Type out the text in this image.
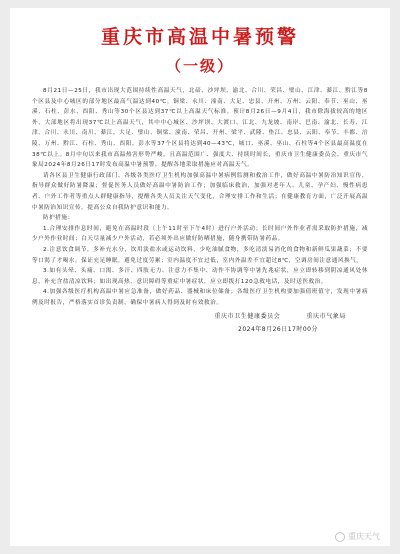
重庆市高温中暑预警
（一级）

8月21日—25日，我市出现大范围持续性高温天气，北碚、沙坪坝、渝北、合川、荣昌、璧山、江津、綦江、黔江等8个区县及中心城区的部分地区最高气温达到40℃。铜梁、永川、潼南、大足、忠县、开州、万州、云阳、奉节、巫山、巫溪、石柱、彭水、酉阳、秀山等30个区县达到37℃以上高温天气标准。预计8月26日—9月4日，我市除海拔较高的地区外，大部地区将出现37℃以上高温天气，其中中心城区、沙坪坝、大渡口、江北、九龙坡、南岸、巴南、渝北、长寿、江津、合川、永川、南川、綦江、大足、璧山、铜梁、潼南、荣昌、开州、梁平、武隆、垫江、忠县、云阳、奉节、丰都、涪陵、万州、黔江、石柱、秀山、酉阳、彭水等37个区县将达到40—43℃，城口、巫溪、巫山、石柱等4个区县最高温度在38℃以上。8月中旬以来我市高温热害形势严峻，且高温范围广、强度大、持续时间长，重庆市卫生健康委员会、重庆市气象局2024年8月26日17时发布高温中暑预警，提醒各地采取措施应对高温天气。

请各区县卫生健康行政部门、各级各类医疗卫生机构加强高温中暑病例监测和救治工作，做好高温中暑防治知识宣传，指导群众做好防暑降温；督促医务人员做好高温中暑防治工作；加强临床救治，加强对老年人、儿童、孕产妇、慢性病患者、户外工作者等重点人群健康指导，提醒各类人员关注天气变化，合理安排工作和生活；在健康教育方面，广泛开展高温中暑防治知识宣传，提高公众自我防护意识和能力。

防护措施：

1.合理安排作息时间，避免在高温时段（上午11时至下午4时）进行户外活动；长时间户外作业者需采取防护措施，减少户外作业时间；白天尽量减少户外活动，若必须外出应做好防晒措施，随身携带防暑药品。

2.注意饮食调节，多补充水分，饮用淡盐水或运动饮料，少吃油腻食物，多吃清淡易消化的食物和新鲜瓜果蔬菜；不要等口渴了才喝水。保证充足睡眠，避免过度劳累；室内温度不宜过低，室内外温差不宜超过8℃，空调房间注意通风换气。

3.如有头晕、头痛、口渴、多汗、四肢无力、注意力不集中、动作不协调等中暑先兆症状，应立即转移到阴凉通风处休息，补充含盐清凉饮料；如出现高热、意识障碍等重症中暑症状，应立即拨打120急救电话，及时送医救治。

4.加强各级医疗机构高温中暑应急准备，做好药品、器械和床位储备；各级医疗卫生机构要加强值班值守，发现中暑病例及时报告，严格落实首诊负责制，确保中暑病人得到及时有效救治。

重庆市卫生健康委员会	重庆市气象局
2024年8月26日17时00分
重庆天气
